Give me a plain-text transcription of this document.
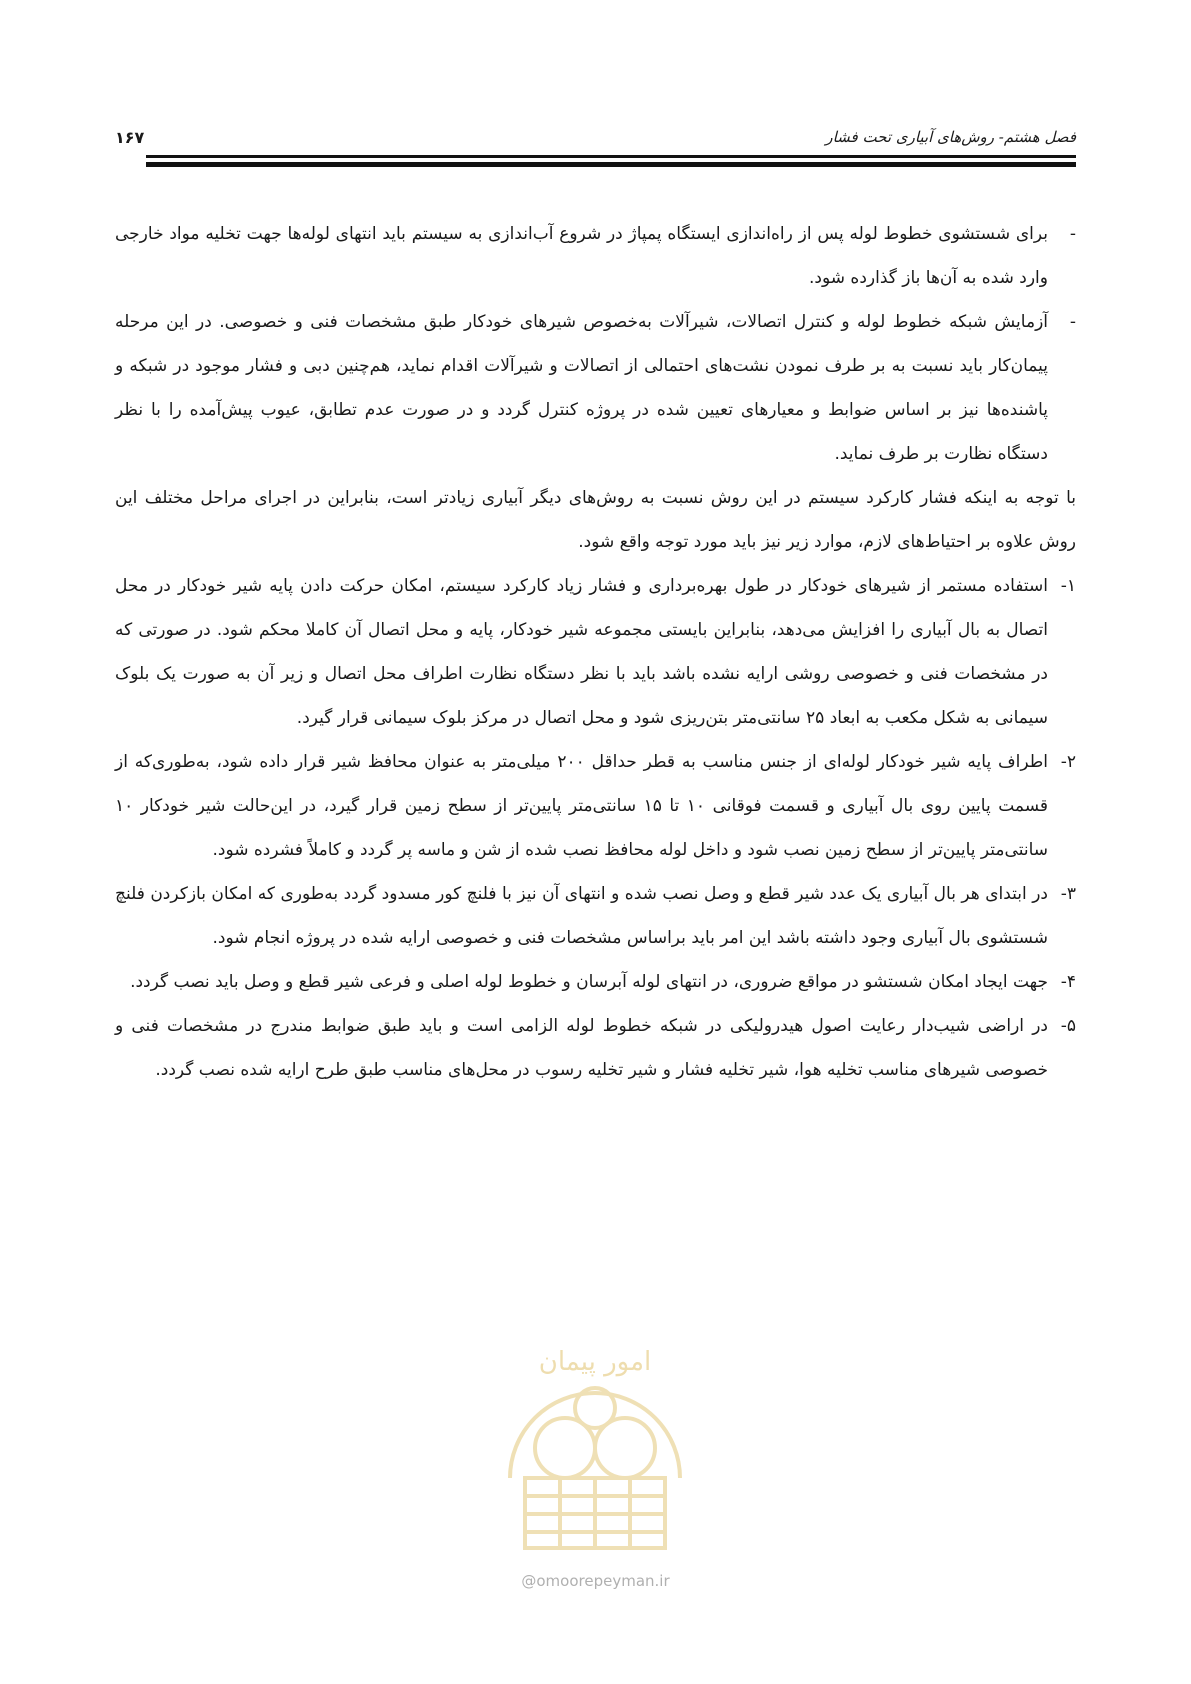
فصل هشتم- روش‌های آبیاری تحت فشار
۱۶۷
-
برای شستشوی خطوط لوله پس از راه‌اندازی ایستگاه پمپاژ در شروع آب‌اندازی به سیستم باید انتهای لوله‌ها جهت تخلیه مواد خارجی وارد شده به آن‌ها باز گذارده شود.
-
آزمایش شبکه خطوط لوله و کنترل اتصالات، شیرآلات به‌خصوص شیرهای خودکار طبق مشخصات فنی و خصوصی. در این مرحله پیمان‌کار باید نسبت به بر طرف نمودن نشت‌های احتمالی از اتصالات و شیرآلات اقدام نماید، هم‌چنین دبی و فشار موجود در شبکه و پاشنده‌ها نیز بر اساس ضوابط و معیارهای تعیین شده در پروژه کنترل گردد و در صورت عدم تطابق، عیوب پیش‌آمده را با نظر دستگاه نظارت بر طرف نماید.

با توجه به اینکه فشار کارکرد سیستم در این روش نسبت به روش‌های دیگر آبیاری زیادتر است، بنابراین در اجرای مراحل مختلف این روش علاوه بر احتیاط‌های لازم، موارد زیر نیز باید مورد توجه واقع شود.

۱-
استفاده مستمر از شیرهای خودکار در طول بهره‌برداری و فشار زیاد کارکرد سیستم، امکان حرکت دادن پایه شیر خودکار در محل اتصال به بال آبیاری را افزایش می‌دهد، بنابراین بایستی مجموعه شیر خودکار، پایه و محل اتصال آن کاملا محکم شود. در صورتی که در مشخصات فنی و خصوصی روشی ارایه نشده باشد باید با نظر دستگاه نظارت اطراف محل اتصال و زیر آن به صورت یک بلوک سیمانی به شکل مکعب به ابعاد ۲۵ سانتی‌متر بتن‌ریزی شود و محل اتصال در مرکز بلوک سیمانی قرار گیرد.
۲-
اطراف پایه شیر خودکار لوله‌ای از جنس مناسب به قطر حداقل ۲۰۰ میلی‌متر به عنوان محافظ شیر قرار داده شود، به‌طوری‌که از قسمت پایین روی بال آبیاری و قسمت فوقانی ۱۰ تا ۱۵ سانتی‌متر پایین‌تر از سطح زمین قرار گیرد، در این‌حالت شیر خودکار ۱۰ سانتی‌متر پایین‌تر از سطح زمین نصب شود و داخل لوله محافظ نصب شده از شن و ماسه پر گردد و کاملاً فشرده شود.
۳-
در ابتدای هر بال آبیاری یک عدد شیر قطع و وصل نصب شده و انتهای آن نیز با فلنچ کور مسدود گردد به‌طوری که امکان بازکردن فلنچ شستشوی بال آبیاری وجود داشته باشد این امر باید براساس مشخصات فنی و خصوصی ارایه شده در پروژه انجام شود.
۴-
جهت ایجاد امکان شستشو در مواقع ضروری، در انتهای لوله آبرسان و خطوط لوله اصلی و فرعی شیر قطع و وصل باید نصب گردد.
۵-
در اراضی شیب‌دار رعایت اصول هیدرولیکی در شبکه خطوط لوله الزامی است و باید طبق ضوابط مندرج در مشخصات فنی و خصوصی شیرهای مناسب تخلیه هوا، شیر تخلیه فشار و شیر تخلیه رسوب در محل‌های مناسب طبق طرح ارایه شده نصب گردد.
امور پیمان
@omoorepeyman.ir
